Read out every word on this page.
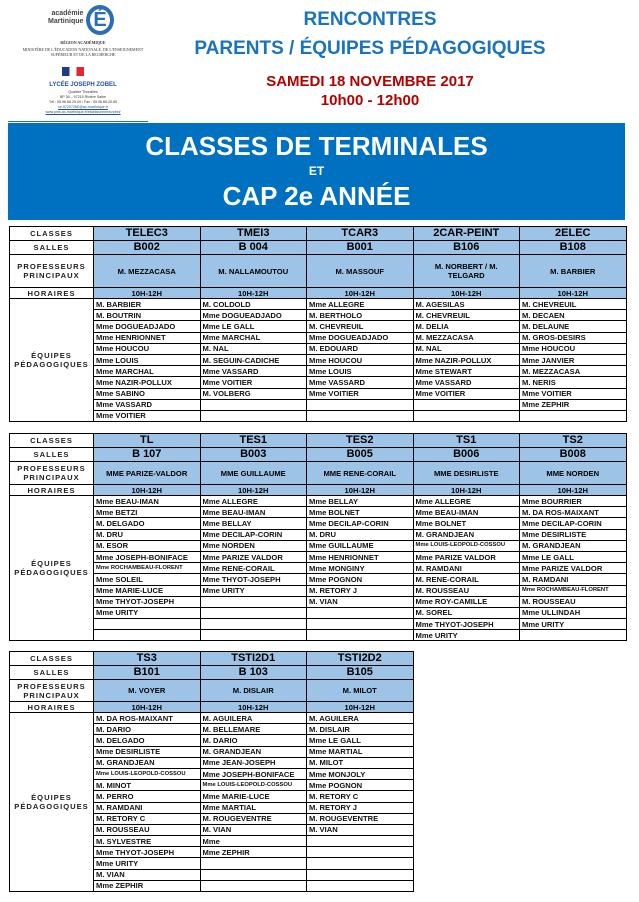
académie
Martinique É
RÉGION ACADÉMIQUE
MINISTÈRE DE L'ÉDUCATION NATIONALE, DE L'ENSEIGNEMENT SUPÉRIEUR ET DE LA RECHERCHE
LYCÉE JOSEPH ZOBEL
Quartier Thorailles
BP 36 – 97215 Rivière Salée
Tél : 05.96.68.25.09 / Fax : 05.96.68.25.85
ce.9720726E@ac-martinique.fr
www.pms.ac-martinique.fr/etablissement/zobel/
RENCONTRES
PARENTS / ÉQUIPES PÉDAGOGIQUES
SAMEDI 18 NOVEMBRE 2017
10h00 - 12h00
CLASSES DE TERMINALES
ET
CAP 2e ANNÉE
CLASSES	TELEC3	TMEI3	TCAR3	2CAR-PEINT	2ELEC
SALLES	B002	B 004	B001	B106	B108

PROFESSEURS
PRINCIPAUX	M. MEZZACASA	M. NALLAMOUTOU	M. MASSOUF	M. NORBERT / M. TELGARD	M. BARBIER
HORAIRES	10H-12H	10H-12H	10H-12H	10H-12H	10H-12H

ÉQUIPES
PÉDAGOGIQUES	M. BARBIER	M. COLDOLD	Mme ALLEGRE	M. AGESILAS	M. CHEVREUIL
	M. BOUTRIN	Mme DOGUEADJADO	M. BERTHOLO	M. CHEVREUIL	M. DECAEN
	Mme DOGUEADJADO	Mme LE GALL	M. CHEVREUIL	M. DELIA	M. DELAUNE
	Mme HENRIONNET	Mme MARCHAL	Mme DOGUEADJADO	M. MEZZACASA	M. GROS-DESIRS
	Mme HOUCOU	M. NAL	M. EDOUARD	M. NAL	Mme HOUCOU
	Mme LOUIS	M. SEGUIN-CADICHE	Mme HOUCOU	Mme NAZIR-POLLUX	Mme JANVIER
	Mme MARCHAL	Mme VASSARD	Mme LOUIS	Mme STEWART	M. MEZZACASA
	Mme NAZIR-POLLUX	Mme VOITIER	Mme VASSARD	Mme VASSARD	M. NERIS
	Mme SABINO	M. VOLBERG	Mme VOITIER	Mme VOITIER	Mme VOITIER
	Mme VASSARD				Mme ZEPHIR
	Mme VOITIER				
CLASSES	TL	TES1	TES2	TS1	TS2
SALLES	B 107	B003	B005	B006	B008

PROFESSEURS
PRINCIPAUX	MME PARIZE-VALDOR	MME GUILLAUME	MME RENE-CORAIL	MME DESIRLISTE	MME NORDEN
HORAIRES	10H-12H	10H-12H	10H-12H	10H-12H	10H-12H

ÉQUIPES
PÉDAGOGIQUES	Mme BEAU-IMAN	Mme ALLEGRE	Mme BELLAY	Mme ALLEGRE	Mme BOURRIER
	Mme BETZI	Mme BEAU-IMAN	Mme BOLNET	Mme BEAU-IMAN	M. DA ROS-MAIXANT
	M. DELGADO	Mme BELLAY	Mme DECILAP-CORIN	Mme BOLNET	Mme DECILAP-CORIN
	M. DRU	Mme DECILAP-CORIN	M. DRU	M. GRANDJEAN	Mme DESIRLISTE
	M. ESOR	Mme NORDEN	Mme GUILLAUME	Mme LOUIS-LEOPOLD-COSSOU	M. GRANDJEAN
	Mme JOSEPH-BONIFACE	Mme PARIZE VALDOR	Mme HENRIONNET	Mme PARIZE VALDOR	Mme LE GALL
	Mme ROCHAMBEAU-FLORENT	Mme RENE-CORAIL	Mme MONGINY	M. RAMDANI	Mme PARIZE VALDOR
	Mme SOLEIL	Mme THYOT-JOSEPH	Mme POGNON	M. RENE-CORAIL	M. RAMDANI
	Mme MARIE-LUCE	Mme URITY	M. RETORY J	M. ROUSSEAU	Mme ROCHAMBEAU-FLORENT
	Mme THYOT-JOSEPH		M. VIAN	Mme ROY-CAMILLE	M. ROUSSEAU
	Mme URITY			M. SOREL	Mme ULLINDAH
				Mme THYOT-JOSEPH	Mme URITY
				Mme URITY	
CLASSES	TS3	TSTI2D1	TSTI2D2
SALLES	B101	B 103	B105

PROFESSEURS
PRINCIPAUX	M. VOYER	M. DISLAIR	M. MILOT
HORAIRES	10H-12H	10H-12H	10H-12H

ÉQUIPES
PÉDAGOGIQUES	M. DA ROS-MAIXANT	M. AGUILERA	M. AGUILERA
	M. DARIO	M. BELLEMARE	M. DISLAIR
	M. DELGADO	M. DARIO	Mme LE GALL
	Mme DESIRLISTE	M. GRANDJEAN	Mme MARTIAL
	M. GRANDJEAN	Mme JEAN-JOSEPH	M. MILOT
	Mme LOUIS-LEOPOLD-COSSOU	Mme JOSEPH-BONIFACE	Mme MONJOLY
	M. MINOT	Mme LOUIS-LEOPOLD-COSSOU	Mme POGNON
	M. PERRO	Mme MARIE-LUCE	M. RETORY C
	M. RAMDANI	Mme MARTIAL	M. RETORY J
	M. RETORY C	M. ROUGEVENTRE	M. ROUGEVENTRE
	M. ROUSSEAU	M. VIAN	M. VIAN
	M. SYLVESTRE	Mme	
	Mme THYOT-JOSEPH	Mme ZEPHIR	
	Mme URITY		
	M. VIAN		
	Mme ZEPHIR		
